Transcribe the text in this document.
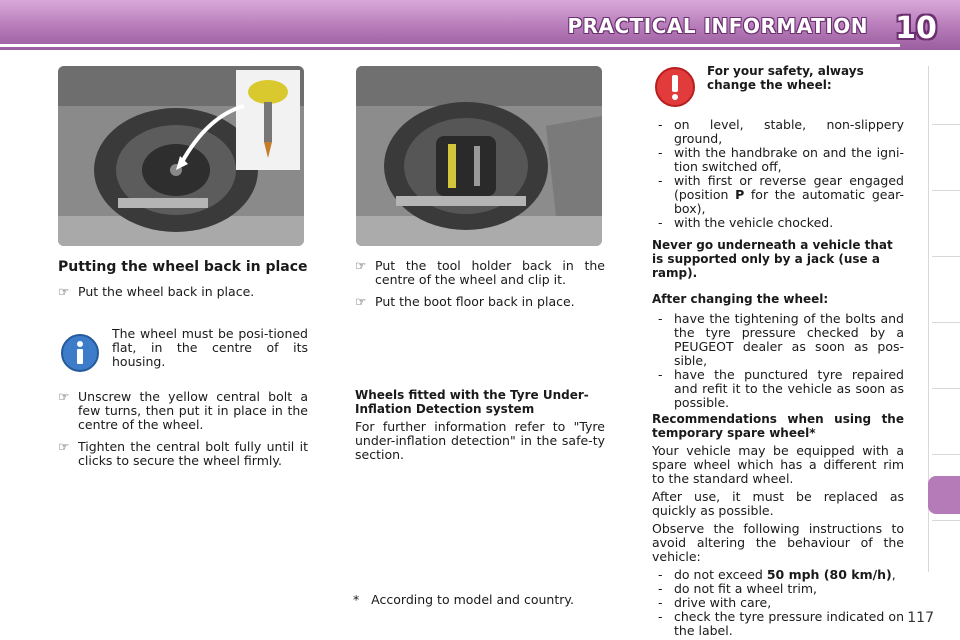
PRACTICAL INFORMATION 10
Putting the wheel back in place
☞ Put the wheel back in place.
The wheel must be posi-tioned flat, in the centre of its housing.
☞ Unscrew the yellow central bolt a few turns, then put it in place in the centre of the wheel.
☞ Tighten the central bolt fully until it clicks to secure the wheel firmly.
☞ Put the tool holder back in the centre of the wheel and clip it.
☞ Put the boot floor back in place.
Wheels fitted with the Tyre Under-Inflation Detection system

For further information refer to "Tyre under-inflation detection" in the safe-ty section.

* According to model and country.
For your safety, always change the wheel:
- on level, stable, non-slippery ground,
- with the handbrake on and the igni-tion switched off,
- with first or reverse gear engaged (position P for the automatic gear-box),
- with the vehicle chocked.
Never go underneath a vehicle that is supported only by a jack (use a ramp).
After changing the wheel:
- have the tightening of the bolts and the tyre pressure checked by a PEUGEOT dealer as soon as pos-sible,
- have the punctured tyre repaired and refit it to the vehicle as soon as possible.
Recommendations when using the temporary spare wheel*

Your vehicle may be equipped with a spare wheel which has a different rim to the standard wheel.

After use, it must be replaced as quickly as possible.

Observe the following instructions to avoid altering the behaviour of the vehicle:

- do not exceed 50 mph (80 km/h),
- do not fit a wheel trim,
- drive with care,
- check the tyre pressure indicated on the label.
117
